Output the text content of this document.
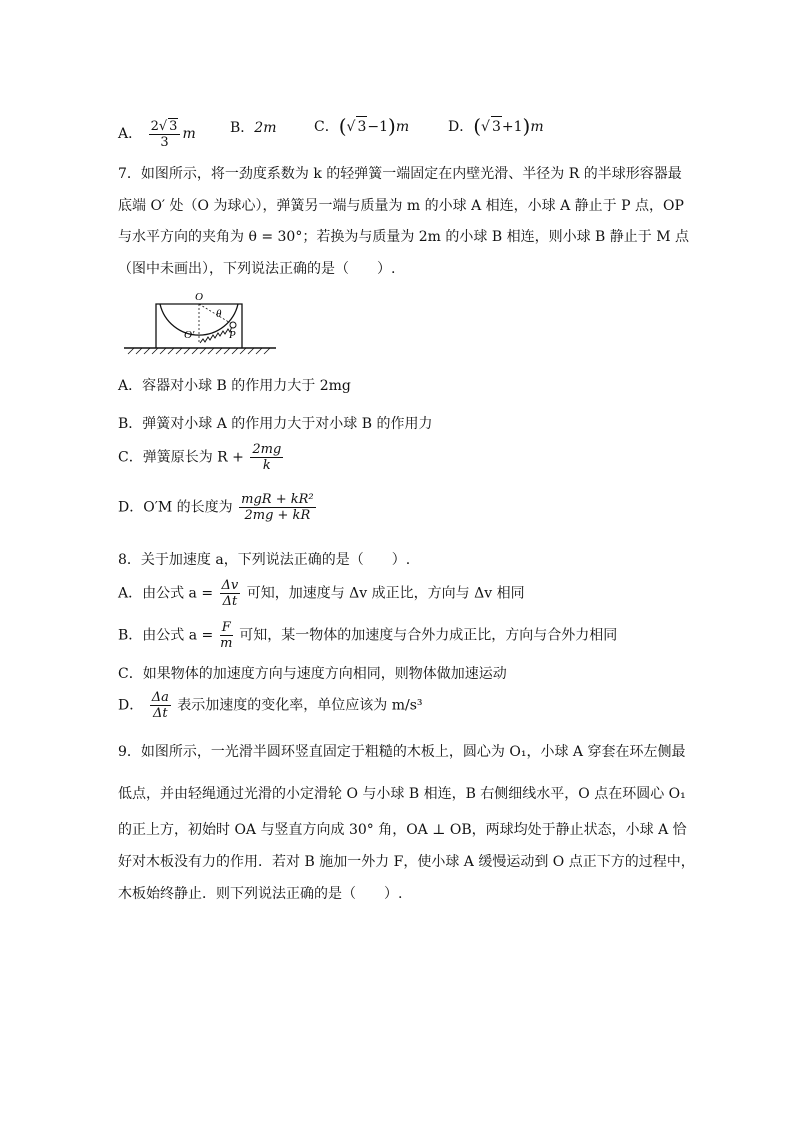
A． $\frac{2√ 3}{3}$ m B．2m	C．(√ 3−1)m	D．(√ 3+1)m
7．如图所示，将一劲度系数为 k 的轻弹簧一端固定在内壁光滑、半径为 R 的半球形容器最
底端 O′ 处（O 为球心），弹簧另一端与质量为 m 的小球 A 相连，小球 A 静止于 P 点，OP
与水平方向的夹角为 θ = 30°；若换为与质量为 2m 的小球 B 相连，则小球 B 静止于 M 点
（图中未画出），下列说法正确的是（　　）.
O
O′
θ
P
A．容器对小球 B 的作用力大于 2mg
B．弹簧对小球 A 的作用力大于对小球 B 的作用力
C．弹簧原长为 $R + \frac{2mg}{k}$
D．O′M 的长度为 $\frac{\text{mgR + kR²}}{2mg + kR}$
8．关于加速度 a，下列说法正确的是（　　）.
A．由公式 $a = \frac{\Delta v}{\Delta t}$ 可知，加速度与 Δv 成正比，方向与 Δv 相同
B．由公式 $a = \frac{F}{m}$ 可知，某一物体的加速度与合外力成正比，方向与合外力相同
C．如果物体的加速度方向与速度方向相同，则物体做加速运动
D． $\frac{\Delta a}{\Delta t}$ 表示加速度的变化率，单位应该为 m/s³
9．如图所示，一光滑半圆环竖直固定于粗糙的木板上，圆心为 O₁，小球 A 穿套在环左侧最
低点，并由轻绳通过光滑的小定滑轮 O 与小球 B 相连，B 右侧细线水平，O 点在环圆心 O₁
的正上方，初始时 OA 与竖直方向成 30° 角，OA ⊥ OB，两球均处于静止状态，小球 A 恰
好对木板没有力的作用．若对 B 施加一外力 F，使小球 A 缓慢运动到 O 点正下方的过程中，
木板始终静止．则下列说法正确的是（　　）.
